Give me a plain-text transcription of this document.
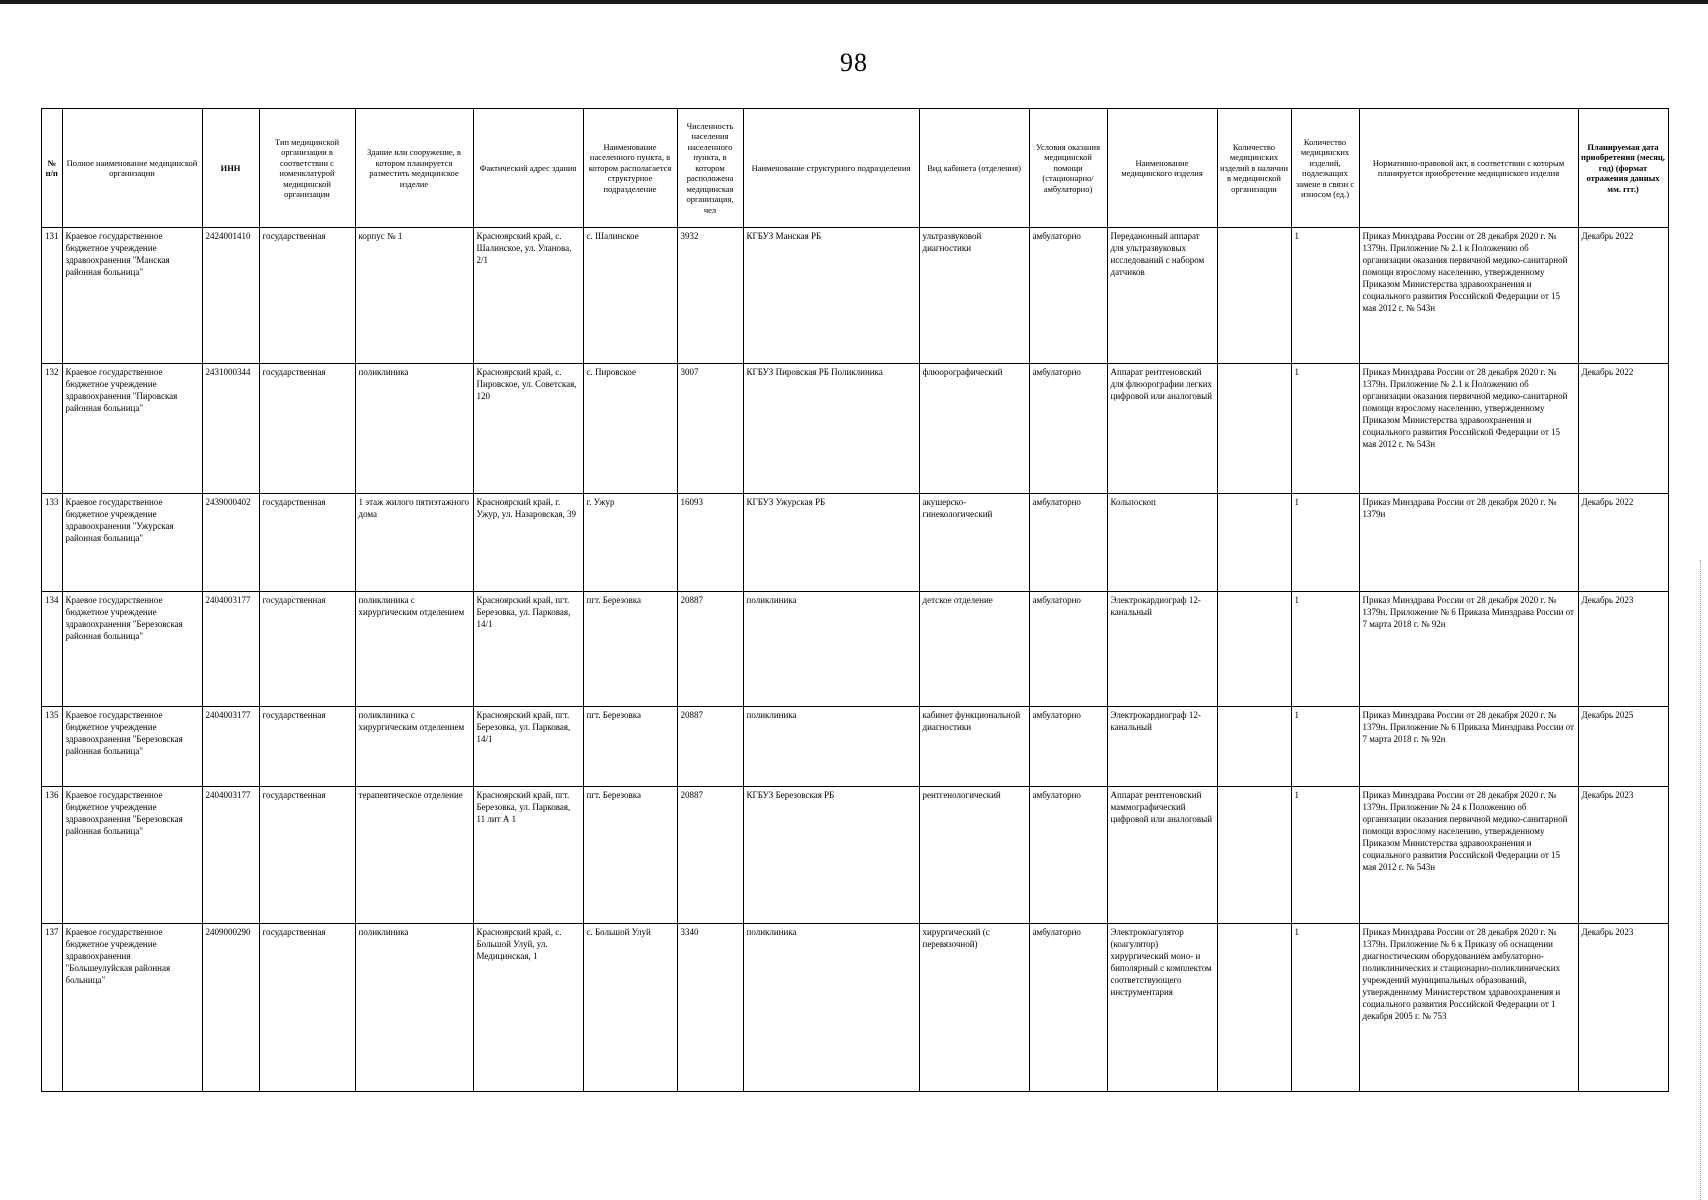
98
№ п/п	Полное наименование медицинской организации	ИНН	Тип медицинской организации в соответствии с номенклатурой медицинской организации	Здание или сооружение, в котором планируется разместить медицинское изделие	Фактический адрес здания	Наименование населенного пункта, в котором располагается структурное подразделение	Численность населения населенного пункта, в котором расположена медицинская организация, чел	Наименование структурного подразделения	Вид кабинета (отделения)	Условия оказания медицинской помощи (стационарно/ амбулаторно)	Наименование медицинского изделия	Количество медицинских изделий в наличии в медицинской организации	Количество медицинских изделий, подлежащих замене в связи с износом (ед.)	Нормативно-правовой акт, в соответствии с которым планируется приобретение медицинского изделия	Планируемая дата приобретения (месяц, год) (формат отражения данных мм. ггг.)
131	Краевое государственное бюджетное учреждение здравоохранения "Манская районная больница"	2424001410	государственная	корпус № 1	Красноярский край, с. Шалинское, ул. Уланова, 2/1	с. Шалинское	3932	КГБУЗ Манская РБ	ультразвуковой диагностики	амбулаторно	Переданонный аппарат для ультразвуковых исследований с набором датчиков		1	Приказ Минздрава России от 28 декабря 2020 г. № 1379н. Приложение № 2.1 к Положению об организации оказания первичной медико-санитарной помощи взрослому населению, утвержденному Приказом Министерства здравоохранения и социального развития Российской Федерации от 15 мая 2012 г. № 543н	Декабрь 2022
132	Краевое государственное бюджетное учреждение здравоохранения "Пировская районная больница"	2431000344	государственная	поликлиника	Красноярский край, с. Пировское, ул. Советская, 120	с. Пировское	3007	КГБУЗ Пировская РБ Поликлиника	флюорографический	амбулаторно	Аппарат рентгеновский для флюорографии легких цифровой или аналоговый		1	Приказ Минздрава России от 28 декабря 2020 г. № 1379н. Приложение № 2.1 к Положению об организации оказания первичной медико-санитарной помощи взрослому населению, утвержденному Приказом Министерства здравоохранения и социального развития Российской Федерации от 15 мая 2012 г. № 543н	Декабрь 2022
133	Краевое государственное бюджетное учреждение здравоохранения "Ужурская районная больница"	2439000402	государственная	1 этаж жилого пятиэтажного дома	Красноярский край, г. Ужур, ул. Назаровская, 39	г. Ужур	16093	КГБУЗ Ужурская РБ	акушерско-гинекологический	амбулаторно	Кольпоскоп		1	Приказ Минздрава России от 28 декабря 2020 г. № 1379н	Декабрь 2022
134	Краевое государственное бюджетное учреждение здравоохранения "Березовская районная больница"	2404003177	государственная	поликлиника с хирургическим отделением	Красноярский край, пгт. Березовка, ул. Парковая, 14/1	пгт. Березовка	20887	поликлиника	детское отделение	амбулаторно	Электрокардиограф 12-канальный		1	Приказ Минздрава России от 28 декабря 2020 г. № 1379н. Приложение № 6 Приказа Минздрава России от 7 марта 2018 г. № 92н	Декабрь 2023
135	Краевое государственное бюджетное учреждение здравоохранения "Березовская районная больница"	2404003177	государственная	поликлиника с хирургическим отделением	Красноярский край, пгт. Березовка, ул. Парковая, 14/1	пгт. Березовка	20887	поликлиника	кабинет функциональной диагностики	амбулаторно	Электрокардиограф 12-канальный		1	Приказ Минздрава России от 28 декабря 2020 г. № 1379н. Приложение № 6 Приказа Минздрава России от 7 марта 2018 г. № 92н	Декабрь 2025
136	Краевое государственное бюджетное учреждение здравоохранения "Березовская районная больница"	2404003177	государственная	терапевтическое отделение	Красноярский край, пгт. Березовка, ул. Парковая, 11 лит А 1	пгт. Березовка	20887	КГБУЗ Березовская РБ	рентгенологический	амбулаторно	Аппарат рентгеновский маммографический цифровой или аналоговый		1	Приказ Минздрава России от 28 декабря 2020 г. № 1379н. Приложение № 24 к Положению об организации оказания первичной медико-санитарной помощи взрослому населению, утвержденному Приказом Министерства здравоохранения и социального развития Российской Федерации от 15 мая 2012 г. № 543н	Декабрь 2023
137	Краевое государственное бюджетное учреждение здравоохранения "Большеулуйская районная больница"	2409000290	государственная	поликлиника	Красноярский край, с. Большой Улуй, ул. Медицинская, 1	с. Большой Улуй	3340	поликлиника	хирургический (с перевязочной)	амбулаторно	Электрокоагулятор (коагулятор) хирургический моно- и биполярный с комплектом соответствующего инструментария		1	Приказ Минздрава России от 28 декабря 2020 г. № 1379н. Приложение № 6 к Приказу об оснащении диагностическим оборудованием амбулаторно-поликлинических и стационарно-поликлинических учреждений муниципальных образований, утвержденному Министерством здравоохранения и социального развития Российской Федерации от 1 декабря 2005 г. № 753	Декабрь 2023
